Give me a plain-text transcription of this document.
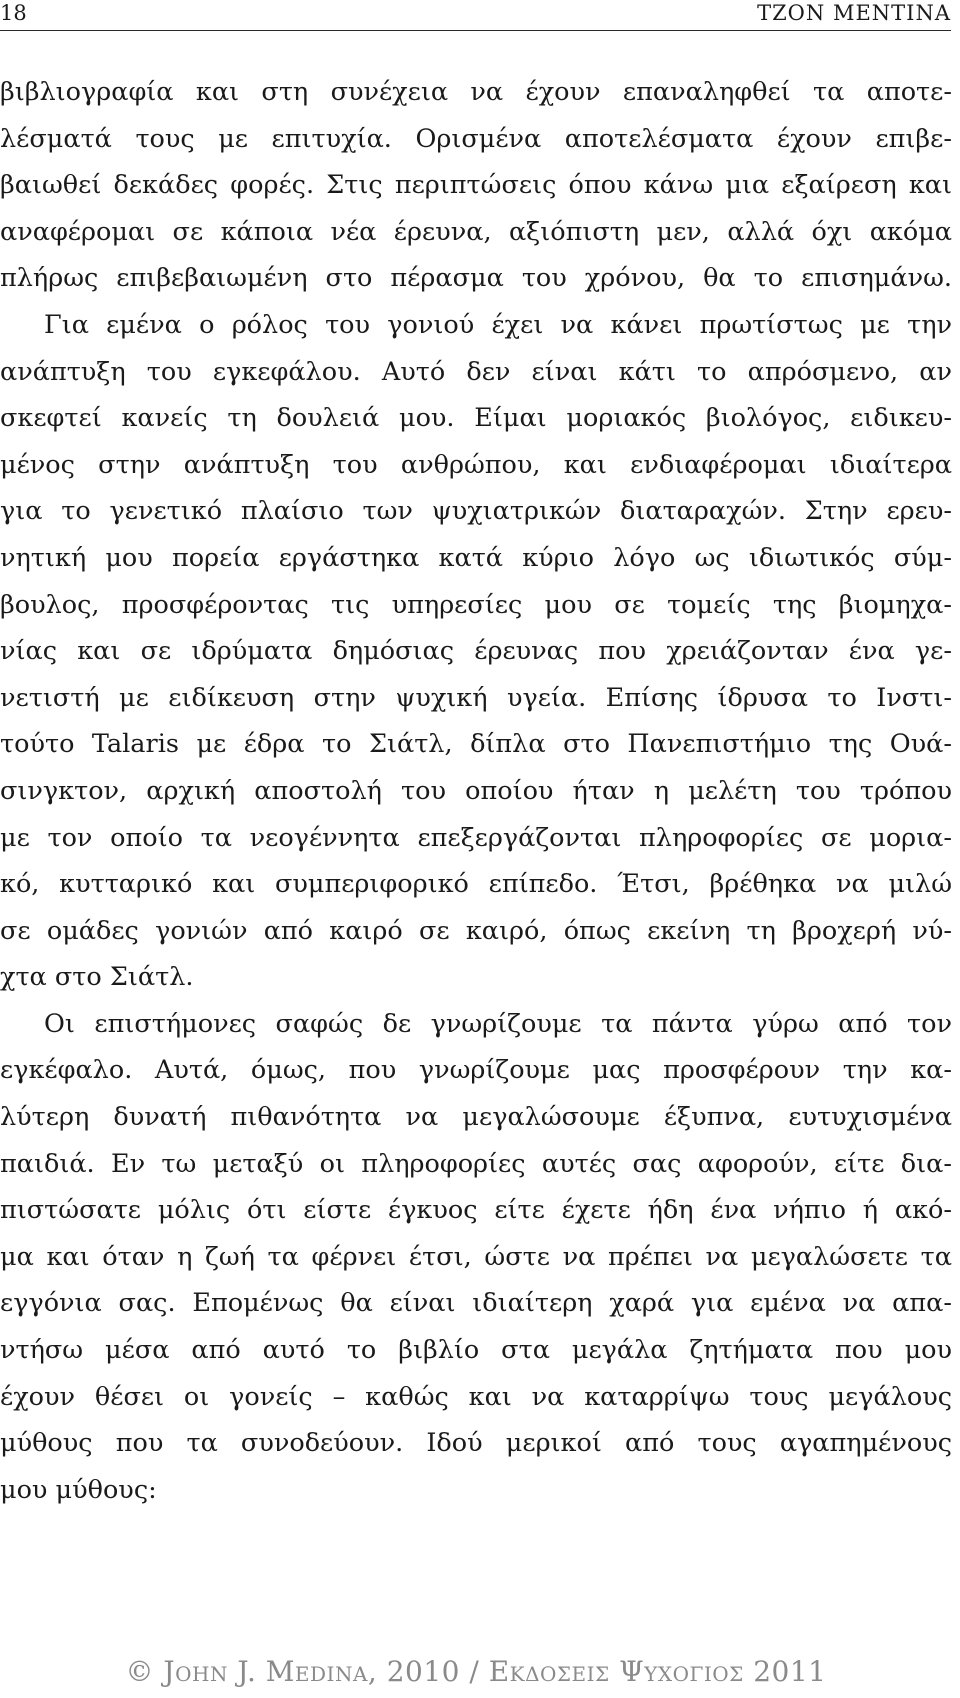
18	ΤΖΟΝ ΜΕΝΤΙΝΑ
βιβλιογραφία και στη συνέχεια να έχουν επαναληφθεί τα αποτε-
λέσματά τους με επιτυχία. Ορισμένα αποτελέσματα έχουν επιβε-
βαιωθεί δεκάδες φορές. Στις περιπτώσεις όπου κάνω μια εξαίρεση και
αναφέρομαι σε κάποια νέα έρευνα, αξιόπιστη μεν, αλλά όχι ακόμα
πλήρως επιβεβαιωμένη στο πέρασμα του χρόνου, θα το επισημάνω.
Για εμένα ο ρόλος του γονιού έχει να κάνει πρωτίστως με την
ανάπτυξη του εγκεφάλου. Αυτό δεν είναι κάτι το απρόσμενο, αν
σκεφτεί κανείς τη δουλειά μου. Είμαι μοριακός βιολόγος, ειδικευ-
μένος στην ανάπτυξη του ανθρώπου, και ενδιαφέρομαι ιδιαίτερα
για το γενετικό πλαίσιο των ψυχιατρικών διαταραχών. Στην ερευ-
νητική μου πορεία εργάστηκα κατά κύριο λόγο ως ιδιωτικός σύμ-
βουλος, προσφέροντας τις υπηρεσίες μου σε τομείς της βιομηχα-
νίας και σε ιδρύματα δημόσιας έρευνας που χρειάζονταν ένα γε-
νετιστή με ειδίκευση στην ψυχική υγεία. Επίσης ίδρυσα το Ινστι-
τούτο Talaris με έδρα το Σιάτλ, δίπλα στο Πανεπιστήμιο της Ουά-
σινγκτον, αρχική αποστολή του οποίου ήταν η μελέτη του τρόπου
με τον οποίο τα νεογέννητα επεξεργάζονται πληροφορίες σε μορια-
κό, κυτταρικό και συμπεριφορικό επίπεδο. Έτσι, βρέθηκα να μιλώ
σε ομάδες γονιών από καιρό σε καιρό, όπως εκείνη τη βροχερή νύ-
χτα στο Σιάτλ.
Οι επιστήμονες σαφώς δε γνωρίζουμε τα πάντα γύρω από τον
εγκέφαλο. Αυτά, όμως, που γνωρίζουμε μας προσφέρουν την κα-
λύτερη δυνατή πιθανότητα να μεγαλώσουμε έξυπνα, ευτυχισμένα
παιδιά. Εν τω μεταξύ οι πληροφορίες αυτές σας αφορούν, είτε δια-
πιστώσατε μόλις ότι είστε έγκυος είτε έχετε ήδη ένα νήπιο ή ακό-
μα και όταν η ζωή τα φέρνει έτσι, ώστε να πρέπει να μεγαλώσετε τα
εγγόνια σας. Επομένως θα είναι ιδιαίτερη χαρά για εμένα να απα-
ντήσω μέσα από αυτό το βιβλίο στα μεγάλα ζητήματα που μου
έχουν θέσει οι γονείς – καθώς και να καταρρίψω τους μεγάλους
μύθους που τα συνοδεύουν. Ιδού μερικοί από τους αγαπημένους
μου μύθους:
© John J. Medina, 2010 / Εκδοσεισ Ψυχογιοσ 2011
